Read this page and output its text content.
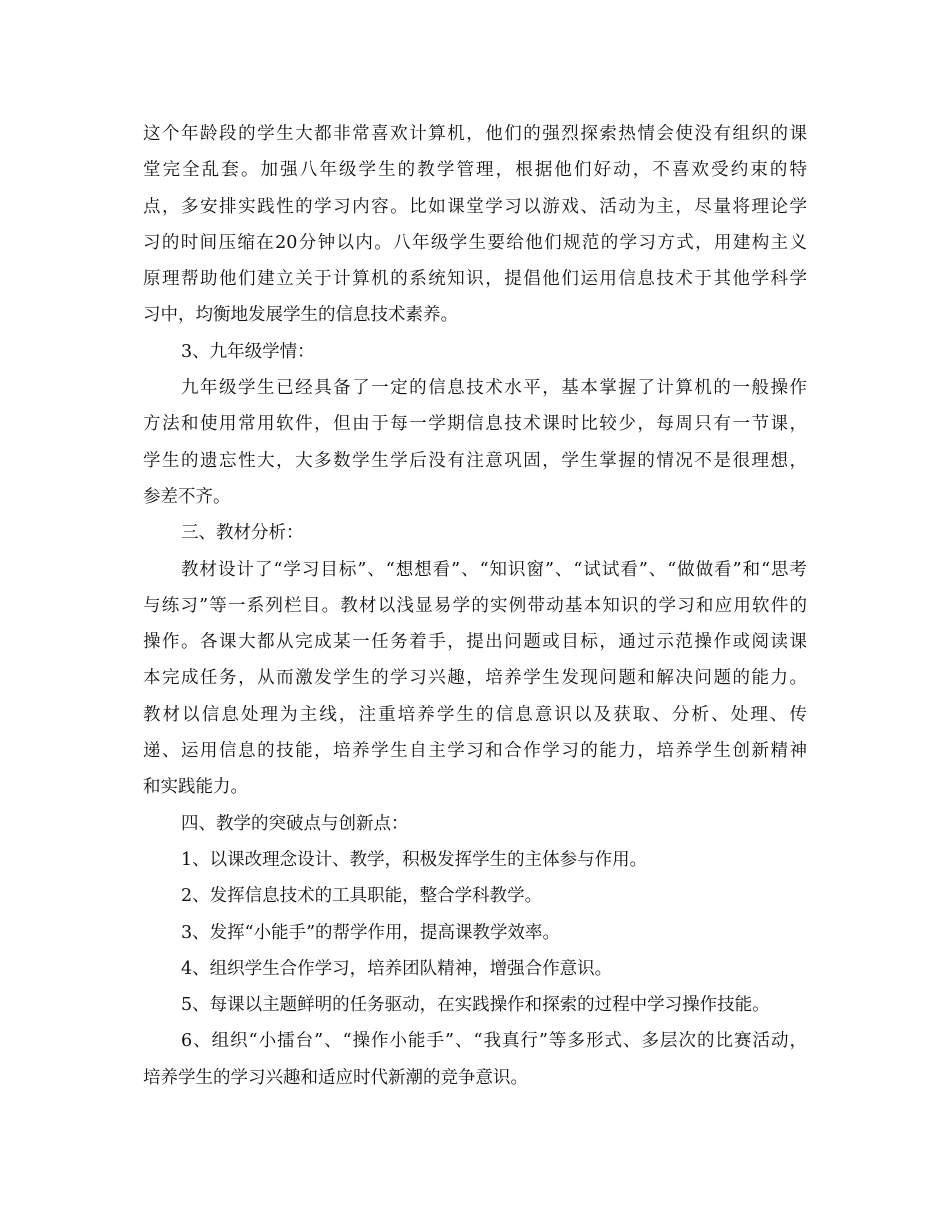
这个年龄段的学生大都非常喜欢计算机，他们的强烈探索热情会使没有组织的课
堂完全乱套。加强八年级学生的教学管理，根据他们好动，不喜欢受约束的特
点，多安排实践性的学习内容。比如课堂学习以游戏、活动为主，尽量将理论学
习的时间压缩在20分钟以内。八年级学生要给他们规范的学习方式，用建构主义
原理帮助他们建立关于计算机的系统知识，提倡他们运用信息技术于其他学科学
习中，均衡地发展学生的信息技术素养。
3、九年级学情：
九年级学生已经具备了一定的信息技术水平，基本掌握了计算机的一般操作
方法和使用常用软件，但由于每一学期信息技术课时比较少，每周只有一节课，
学生的遗忘性大，大多数学生学后没有注意巩固，学生掌握的情况不是很理想，
参差不齐。
三、教材分析：
教材设计了“学习目标”、“想想看”、“知识窗”、“试试看”、“做做看”和“思考
与练习”等一系列栏目。教材以浅显易学的实例带动基本知识的学习和应用软件的
操作。各课大都从完成某一任务着手，提出问题或目标，通过示范操作或阅读课
本完成任务，从而激发学生的学习兴趣，培养学生发现问题和解决问题的能力。
教材以信息处理为主线，注重培养学生的信息意识以及获取、分析、处理、传
递、运用信息的技能，培养学生自主学习和合作学习的能力，培养学生创新精神
和实践能力。
四、教学的突破点与创新点：
1、以课改理念设计、教学，积极发挥学生的主体参与作用。
2、发挥信息技术的工具职能，整合学科教学。
3、发挥“小能手”的帮学作用，提高课教学效率。
4、组织学生合作学习，培养团队精神，增强合作意识。
5、每课以主题鲜明的任务驱动，在实践操作和探索的过程中学习操作技能。
6、组织“小擂台”、“操作小能手”、“我真行”等多形式、多层次的比赛活动，
培养学生的学习兴趣和适应时代新潮的竞争意识。
